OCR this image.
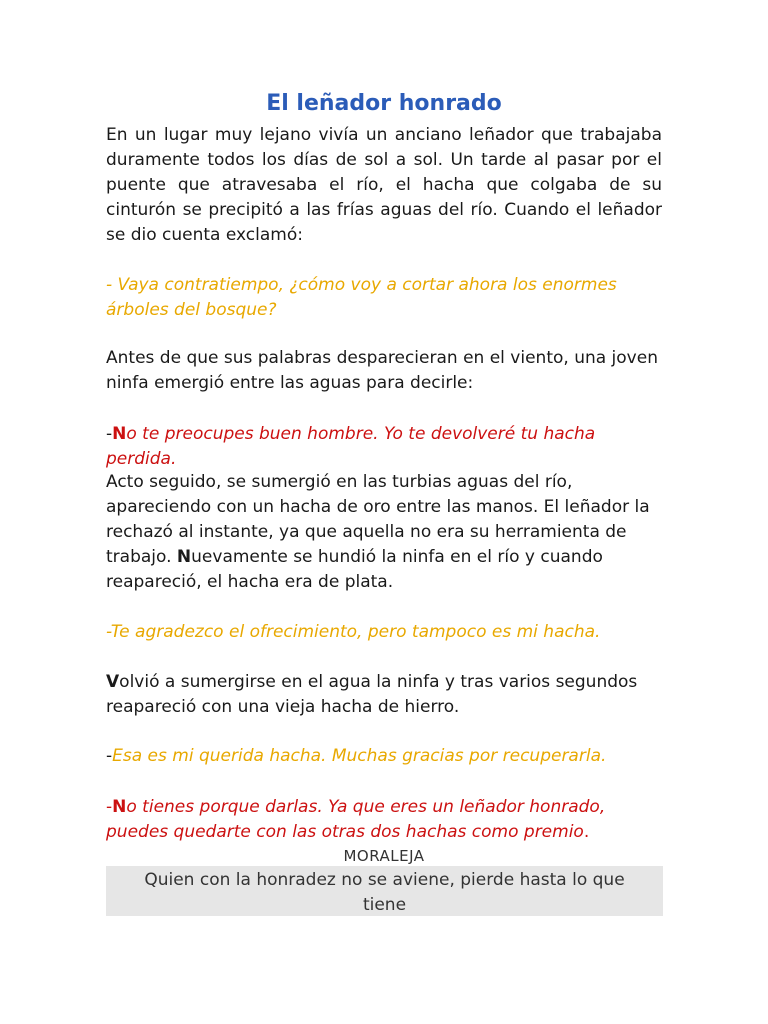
El leñador honrado

En un lugar muy lejano vivía un anciano leñador que trabajaba duramente todos los días de sol a sol. Un tarde al pasar por el puente que atravesaba el río, el hacha que colgaba de su cinturón se precipitó a las frías aguas del río. Cuando el leñador se dio cuenta exclamó:

- Vaya contratiempo, ¿cómo voy a cortar ahora los enormes árboles del bosque?

Antes de que sus palabras desparecieran en el viento, una joven ninfa emergió entre las aguas para decirle:

-No te preocupes buen hombre. Yo te devolveré tu hacha perdida.

Acto seguido, se sumergió en las turbias aguas del río, apareciendo con un hacha de oro entre las manos. El leñador la rechazó al instante, ya que aquella no era su herramienta de trabajo. Nuevamente se hundió la ninfa en el río y cuando reapareció, el hacha era de plata.

-Te agradezco el ofrecimiento, pero tampoco es mi hacha.

Volvió a sumergirse en el agua la ninfa y tras varios segundos reapareció con una vieja hacha de hierro.

-Esa es mi querida hacha. Muchas gracias por recuperarla.

-No tienes porque darlas. Ya que eres un leñador honrado, puedes quedarte con las otras dos hachas como premio.

MORALEJA
Quien con la honradez no se aviene, pierde hasta lo que tiene
